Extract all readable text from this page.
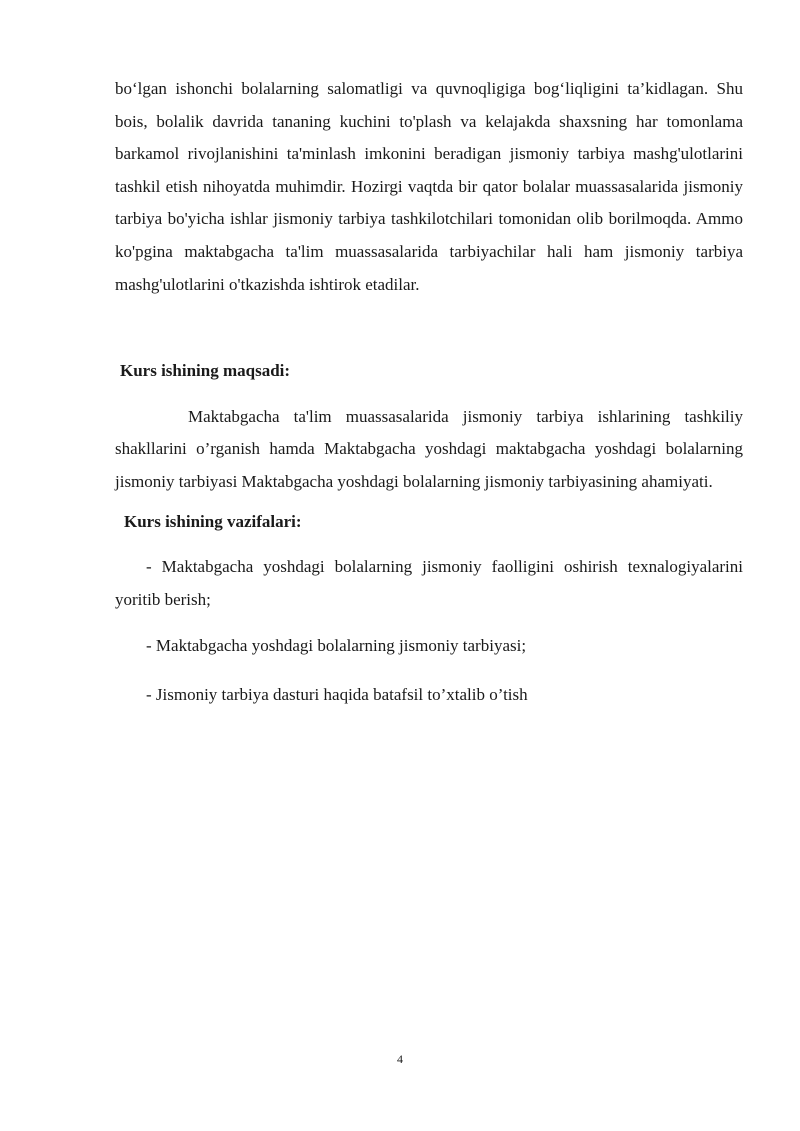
bo‘lgan ishonchi bolalarning salomatligi va quvnoqligiga bog‘liqligini ta’kidlagan. Shu bois, bolalik davrida tananing kuchini to'plash va kelajakda shaxsning har tomonlama barkamol rivojlanishini ta'minlash imkonini beradigan jismoniy tarbiya mashg'ulotlarini tashkil etish nihoyatda muhimdir. Hozirgi vaqtda bir qator bolalar muassasalarida jismoniy tarbiya bo'yicha ishlar jismoniy tarbiya tashkilotchilari tomonidan olib borilmoqda. Ammo ko'pgina maktabgacha ta'lim muassasalarida tarbiyachilar hali ham jismoniy tarbiya mashg'ulotlarini o'tkazishda ishtirok etadilar.

Kurs ishining maqsadi:

Maktabgacha ta'lim muassasalarida jismoniy tarbiya ishlarining tashkiliy shakllarini o’rganish hamda Maktabgacha yoshdagi maktabgacha yoshdagi bolalarning jismoniy tarbiyasi Maktabgacha yoshdagi bolalarning jismoniy tarbiyasining ahamiyati.

Kurs ishining vazifalari:

- Maktabgacha yoshdagi bolalarning jismoniy faolligini oshirish texnalogiyalarini yoritib berish;

- Maktabgacha yoshdagi bolalarning jismoniy tarbiyasi;

- Jismoniy tarbiya dasturi haqida batafsil to’xtalib o’tish

4
